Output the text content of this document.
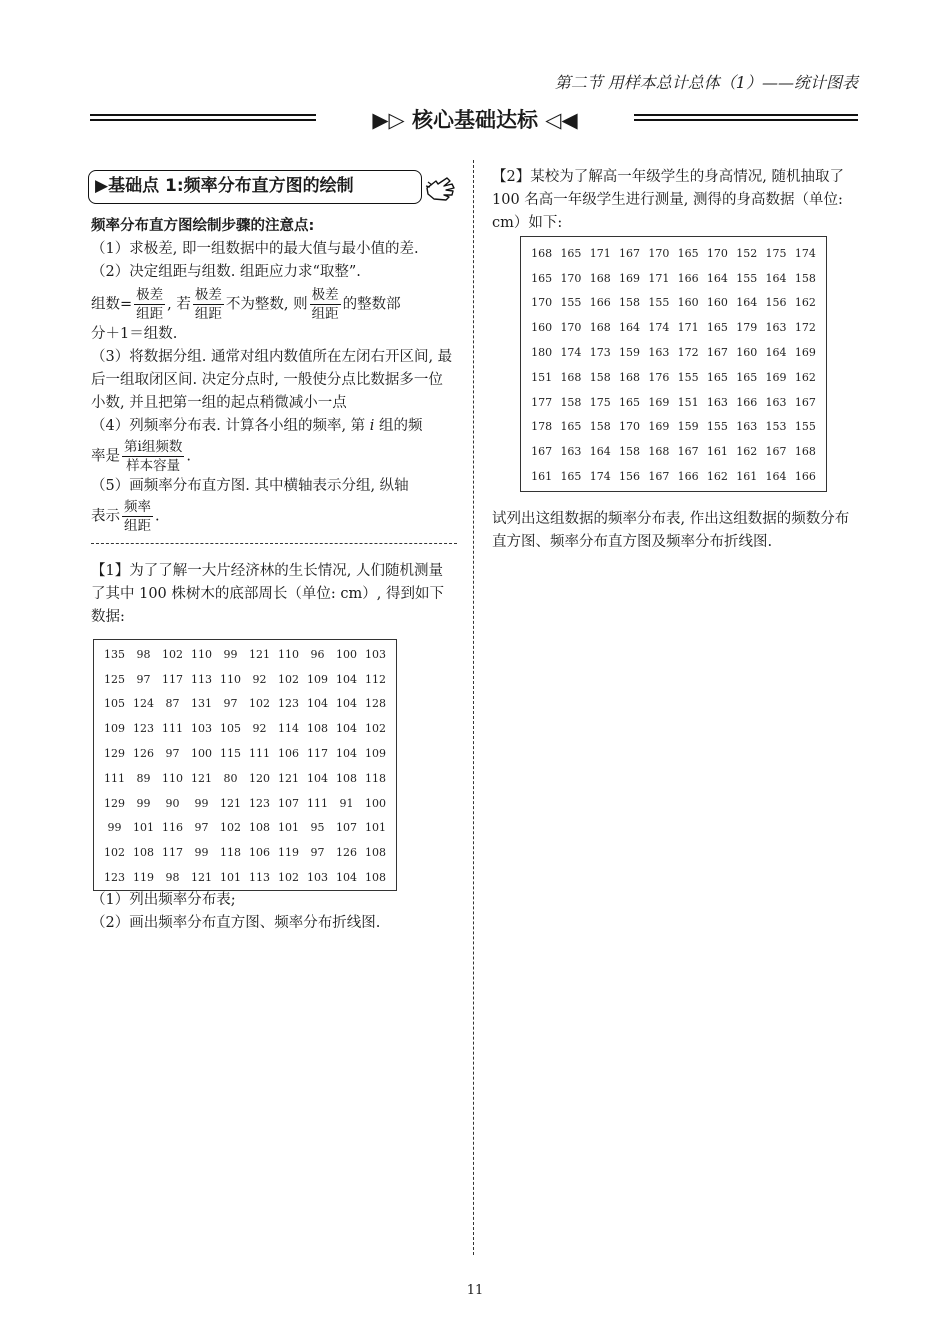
第二节 用样本总计总体（1）——统计图表
▶▷ 核心基础达标 ◁◀
▶基础点 1:频率分布直方图的绘制
频率分布直方图绘制步骤的注意点:
（1）求极差, 即一组数据中的最大值与最小值的差.
（2）决定组距与组数. 组距应力求“取整”.
组数= $\frac{\text{极差}}{\text{组距}}$ , 若 $\frac{\text{极差}}{\text{组距}}$ 不为整数, 则 $\frac{\text{极差}}{\text{组距}}$ 的整数部
分＋1＝组数.
（3）将数据分组. 通常对组内数值所在左闭右开区间, 最后一组取闭区间. 决定分点时, 一般使分点比数据多一位小数, 并且把第一组的起点稍微减小一点
（4）列频率分布表. 计算各小组的频率, 第 i 组的频
率是 $\frac{\text{第i组频数}}{\text{样本容量}}$ .
（5）画频率分布直方图. 其中横轴表示分组, 纵轴
表示 $\frac{\text{频率}}{\text{组距}}$ .
【1】为了了解一大片经济林的生长情况, 人们随机测量了其中 100 株树木的底部周长（单位: cm）, 得到如下数据:
135	98	102	110	99	121	110	96	100	103
125	97	117	113	110	92	102	109	104	112
105	124	87	131	97	102	123	104	104	128
109	123	111	103	105	92	114	108	104	102
129	126	97	100	115	111	106	117	104	109
111	89	110	121	80	120	121	104	108	118
129	99	90	99	121	123	107	111	91	100
99	101	116	97	102	108	101	95	107	101
102	108	117	99	118	106	119	97	126	108
123	119	98	121	101	113	102	103	104	108
（1）列出频率分布表;
（2）画出频率分布直方图、频率分布折线图.
【2】某校为了解高一年级学生的身高情况, 随机抽取了 100 名高一年级学生进行测量, 测得的身高数据（单位: cm）如下:
168	165	171	167	170	165	170	152	175	174
165	170	168	169	171	166	164	155	164	158
170	155	166	158	155	160	160	164	156	162
160	170	168	164	174	171	165	179	163	172
180	174	173	159	163	172	167	160	164	169
151	168	158	168	176	155	165	165	169	162
177	158	175	165	169	151	163	166	163	167
178	165	158	170	169	159	155	163	153	155
167	163	164	158	168	167	161	162	167	168
161	165	174	156	167	166	162	161	164	166
试列出这组数据的频率分布表, 作出这组数据的频数分布直方图、频率分布直方图及频率分布折线图.
11
